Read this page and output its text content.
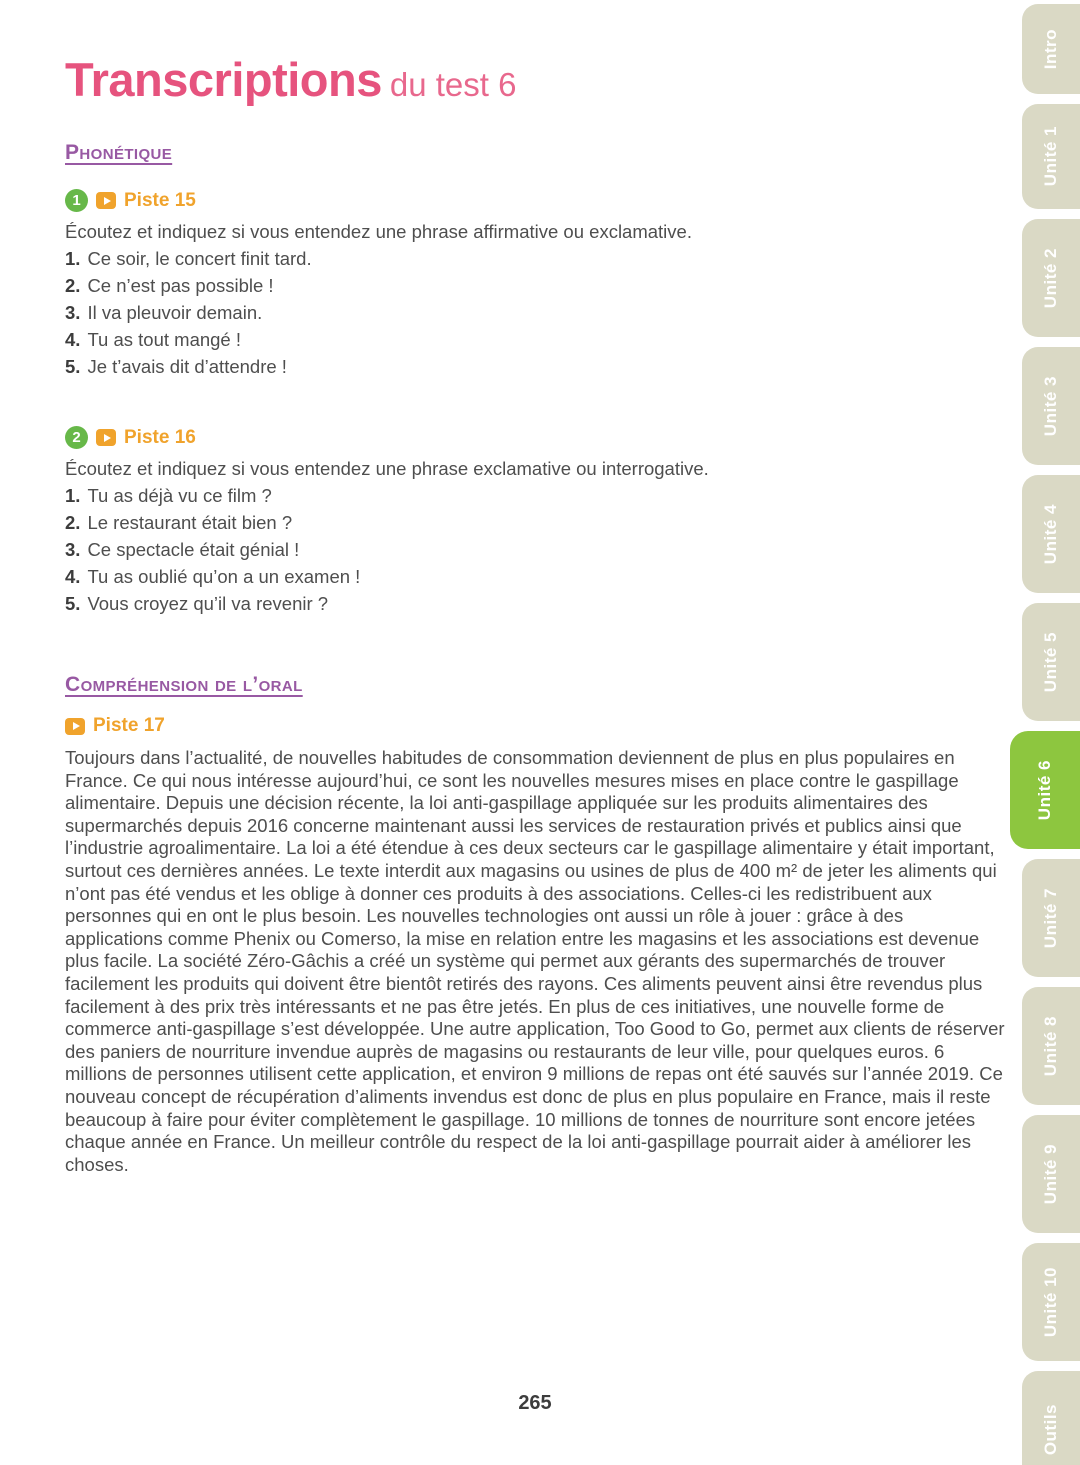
Transcriptions du test 6
Phonétique
1	Piste 15

Écoutez et indiquez si vous entendez une phrase affirmative ou exclamative.

1. Ce soir, le concert finit tard.
2. Ce n’est pas possible !
3. Il va pleuvoir demain.
4. Tu as tout mangé !
5. Je t’avais dit d’attendre !
2	Piste 16

Écoutez et indiquez si vous entendez une phrase exclamative ou interrogative.

1. Tu as déjà vu ce film ?
2. Le restaurant était bien ?
3. Ce spectacle était génial !
4. Tu as oublié qu’on a un examen !
5. Vous croyez qu’il va revenir ?
Compréhension de l’oral
Piste 17

Toujours dans l’actualité, de nouvelles habitudes de consommation deviennent de plus en plus populaires en France. Ce qui nous intéresse aujourd’hui, ce sont les nouvelles mesures mises en place contre le gaspillage alimentaire. Depuis une décision récente, la loi anti-gaspillage appliquée sur les produits alimentaires des supermarchés depuis 2016 concerne maintenant aussi les services de restauration privés et publics ainsi que l’industrie agroalimentaire. La loi a été étendue à ces deux secteurs car le gaspillage alimentaire y était important, surtout ces dernières années. Le texte interdit aux magasins ou usines de plus de 400 m² de jeter les aliments qui n’ont pas été vendus et les oblige à donner ces produits à des associations. Celles-ci les redistribuent aux personnes qui en ont le plus besoin. Les nouvelles technologies ont aussi un rôle à jouer : grâce à des applications comme Phenix ou Comerso, la mise en relation entre les magasins et les associations est devenue plus facile. La société Zéro-Gâchis a créé un système qui permet aux gérants des supermarchés de trouver facilement les produits qui doivent être bientôt retirés des rayons. Ces aliments peuvent ainsi être revendus plus facilement à des prix très intéressants et ne pas être jetés. En plus de ces initiatives, une nouvelle forme de commerce anti-gaspillage s’est développée. Une autre application, Too Good to Go, permet aux clients de réserver des paniers de nourriture invendue auprès de magasins ou restaurants de leur ville, pour quelques euros. 6 millions de personnes utilisent cette application, et environ 9 millions de repas ont été sauvés sur l’année 2019. Ce nouveau concept de récupération d’aliments invendus est donc de plus en plus populaire en France, mais il reste beaucoup à faire pour éviter complètement le gaspillage. 10 millions de tonnes de nourriture sont encore jetées chaque année en France. Un meilleur contrôle du respect de la loi anti-gaspillage pourrait aider à améliorer les choses.

265
Intro
Unité 1
Unité 2
Unité 3
Unité 4
Unité 5
Unité 6
Unité 7
Unité 8
Unité 9
Unité 10
Outils
